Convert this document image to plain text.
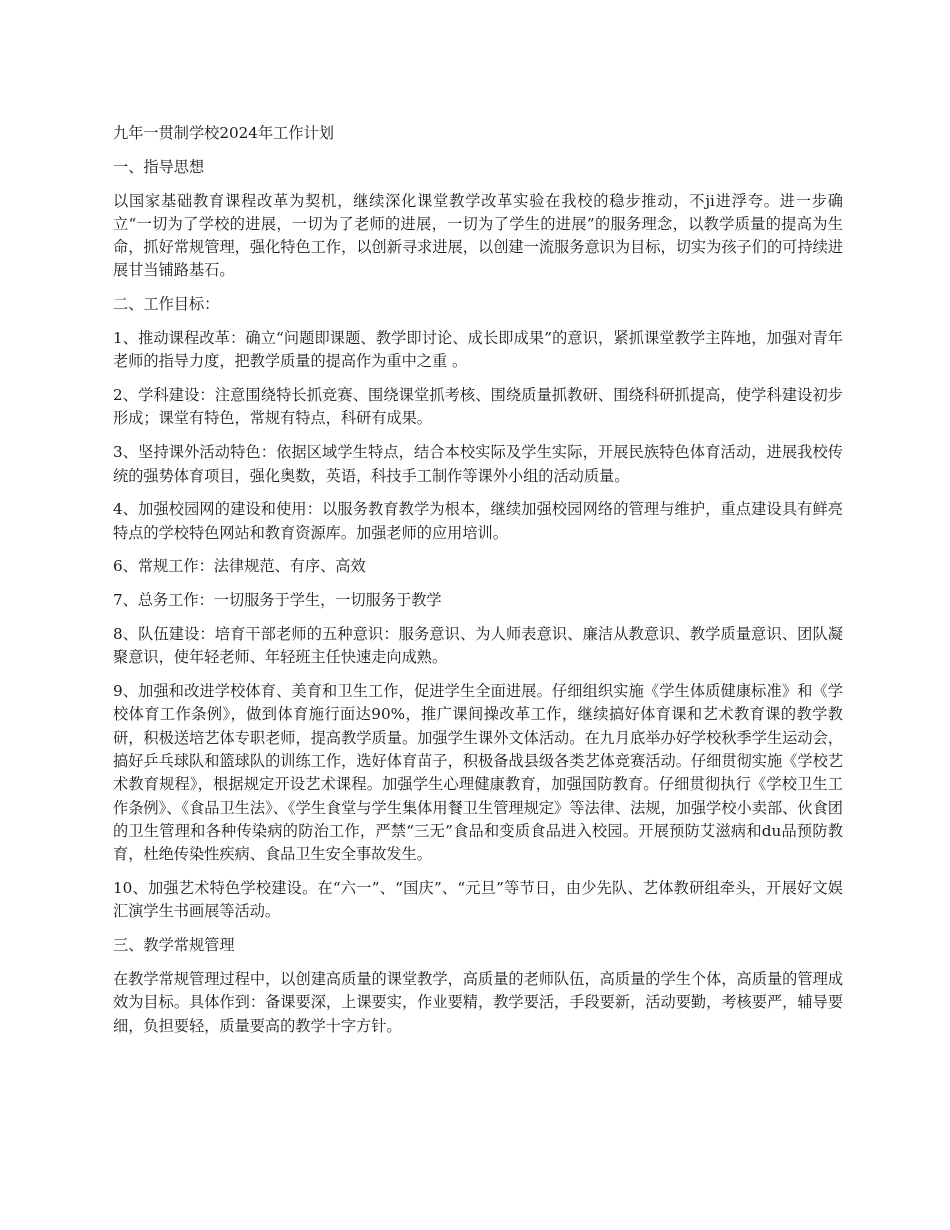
九年一贯制学校2024年工作计划

一、指导思想

以国家基础教育课程改革为契机，继续深化课堂教学改革实验在我校的稳步推动，不ji进浮夸。进一步确立“一切为了学校的进展，一切为了老师的进展，一切为了学生的进展”的服务理念，以教学质量的提高为生命，抓好常规管理，强化特色工作，以创新寻求进展，以创建一流服务意识为目标，切实为孩子们的可持续进展甘当铺路基石。

二、工作目标：

1、推动课程改革：确立“问题即课题、教学即讨论、成长即成果”的意识，紧抓课堂教学主阵地，加强对青年老师的指导力度，把教学质量的提高作为重中之重 。

2、学科建设：注意围绕特长抓竞赛、围绕课堂抓考核、围绕质量抓教研、围绕科研抓提高，使学科建设初步形成；课堂有特色，常规有特点，科研有成果。

3、坚持课外活动特色：依据区域学生特点，结合本校实际及学生实际，开展民族特色体育活动，进展我校传统的强势体育项目，强化奥数，英语，科技手工制作等课外小组的活动质量。

4、加强校园网的建设和使用：以服务教育教学为根本，继续加强校园网络的管理与维护，重点建设具有鲜亮特点的学校特色网站和教育资源库。加强老师的应用培训。

6、常规工作：法律规范、有序、高效

7、总务工作：一切服务于学生，一切服务于教学

8、队伍建设：培育干部老师的五种意识：服务意识、为人师表意识、廉洁从教意识、教学质量意识、团队凝聚意识，使年轻老师、年轻班主任快速走向成熟。

9、加强和改进学校体育、美育和卫生工作，促进学生全面进展。仔细组织实施《学生体质健康标准》和《学校体育工作条例》，做到体育施行面达90%，推广课间操改革工作，继续搞好体育课和艺术教育课的教学教研，积极送培艺体专职老师，提高教学质量。加强学生课外文体活动。在九月底举办好学校秋季学生运动会，搞好乒乓球队和篮球队的训练工作，选好体育苗子，积极备战县级各类艺体竞赛活动。仔细贯彻实施《学校艺术教育规程》，根据规定开设艺术课程。加强学生心理健康教育，加强国防教育。仔细贯彻执行《学校卫生工作条例》、《食品卫生法》、《学生食堂与学生集体用餐卫生管理规定》等法律、法规，加强学校小卖部、伙食团的卫生管理和各种传染病的防治工作，严禁“三无”食品和变质食品进入校园。开展预防艾滋病和du品预防教育，杜绝传染性疾病、食品卫生安全事故发生。

10、加强艺术特色学校建设。在“六一”、“国庆”、“元旦”等节日，由少先队、艺体教研组牵头，开展好文娱汇演学生书画展等活动。

三、教学常规管理

在教学常规管理过程中，以创建高质量的课堂教学，高质量的老师队伍，高质量的学生个体，高质量的管理成效为目标。具体作到：备课要深，上课要实，作业要精，教学要活，手段要新，活动要勤，考核要严，辅导要细，负担要轻，质量要高的教学十字方针。
